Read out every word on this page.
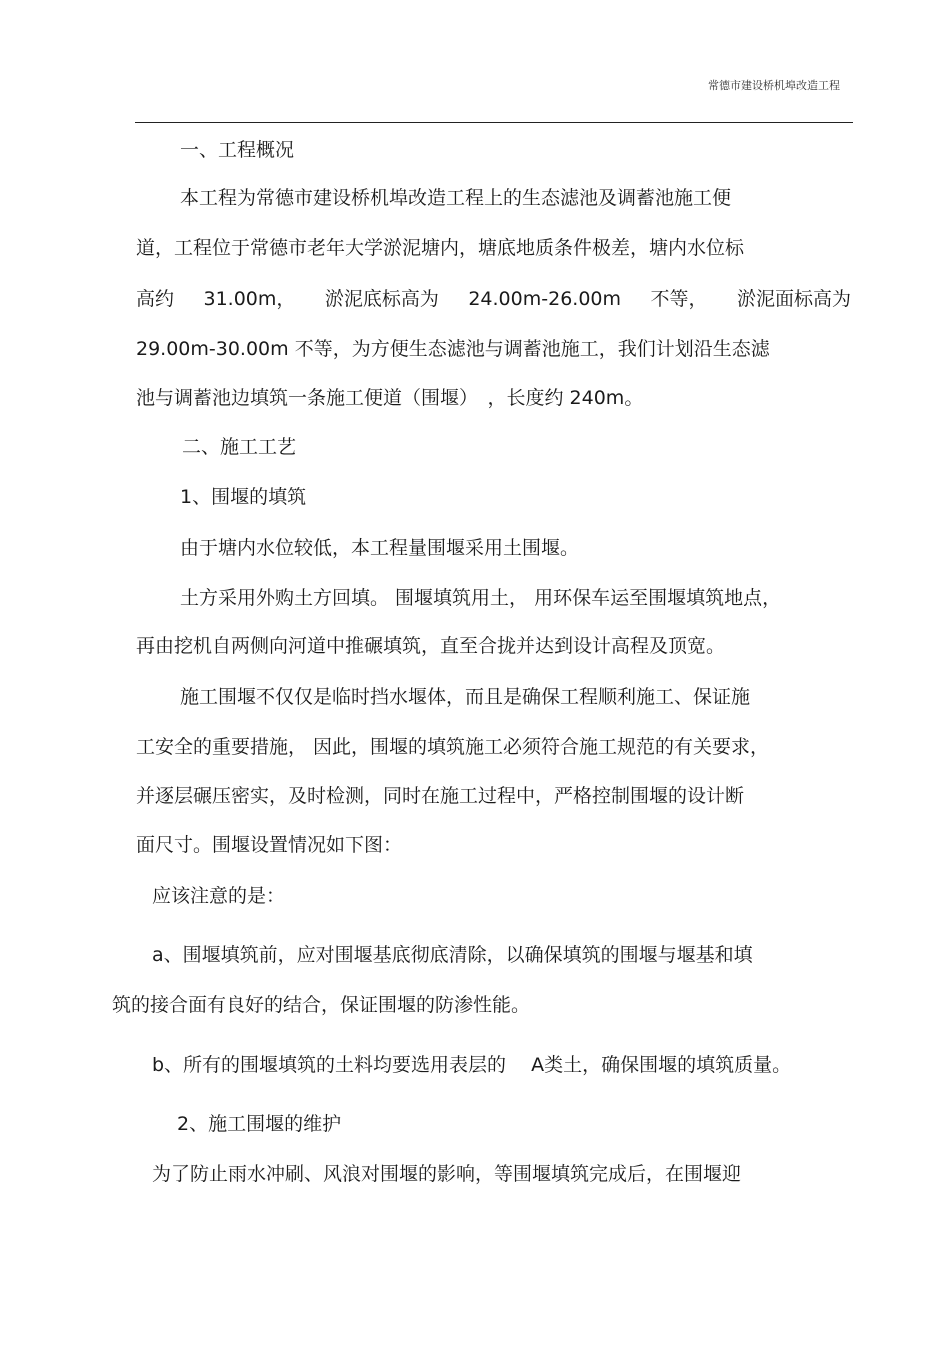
常德市建设桥机埠改造工程
一、工程概况
本工程为常德市建设桥机埠改造工程上的生态滤池及调蓄池施工便
道，工程位于常德市老年大学淤泥塘内，塘底地质条件极差，塘内水位标
高约 31.00m， 淤泥底标高为 24.00m-26.00m 不等， 淤泥面标高为
29.00m-30.00m 不等，为方便生态滤池与调蓄池施工，我们计划沿生态滤
池与调蓄池边填筑一条施工便道（围堰）　，长度约 240m。
二、施工工艺
1、围堰的填筑
由于塘内水位较低，本工程量围堰采用土围堰。
土方采用外购土方回填。 围堰填筑用土， 用环保车运至围堰填筑地点，
再由挖机自两侧向河道中推碾填筑，直至合拢并达到设计高程及顶宽。
施工围堰不仅仅是临时挡水堰体，而且是确保工程顺利施工、保证施
工安全的重要措施， 因此，围堰的填筑施工必须符合施工规范的有关要求，
并逐层碾压密实，及时检测，同时在施工过程中，严格控制围堰的设计断
面尺寸。围堰设置情况如下图：
应该注意的是：
a、围堰填筑前，应对围堰基底彻底清除，以确保填筑的围堰与堰基和填
筑的接合面有良好的结合，保证围堰的防渗性能。
b、所有的围堰填筑的土料均要选用表层的　 A类土，确保围堰的填筑质量。
2、施工围堰的维护
为了防止雨水冲刷、风浪对围堰的影响，等围堰填筑完成后，在围堰迎
